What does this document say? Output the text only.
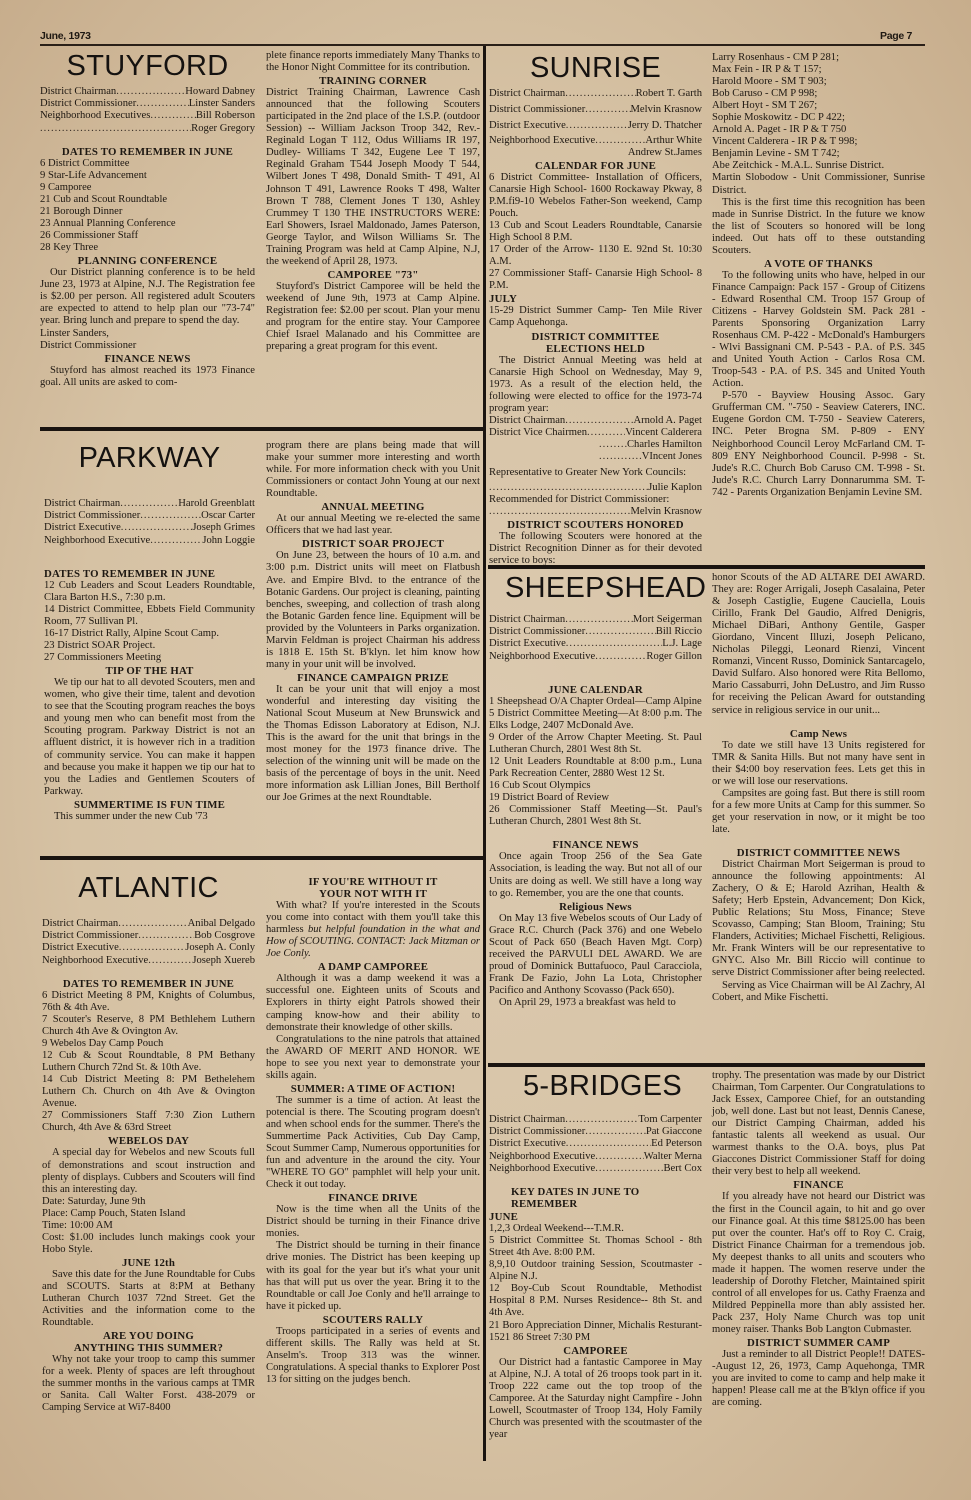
June, 1973	Page 7
STUYFORD
District Chairman .....	Howard Dabney
District Commissioner .....	Linster Sanders
Neighborhood Executives .....	Bill Roberson
.....
Roger Gregory
DATES TO REMEMBER IN JUNE
6 District Committee
9 Star-Life Advancement
9 Camporee
21 Cub and Scout Roundtable
21 Borough Dinner
23 Annual Planning Conference
26 Commissioner Staff
28 Key Three
PLANNING CONFERENCE
Our District planning conference is to be held June 23, 1973 at Alpine, N.J. The Registration fee is $2.00 per person. All registered adult Scouters are expected to attend to help plan our "73-74" year. Bring lunch and prepare to spend the day.
Linster Sanders,
District Commissioner
FINANCE NEWS
Stuyford has almost reached its 1973 Finance goal. All units are asked to com-
plete finance reports immediately Many Thanks to the Honor Night Committee for its contribution.
TRAINING CORNER
District Training Chairman, Lawrence Cash announced that the following Scouters participated in the 2nd place of the I.S.P. (outdoor Session) -- William Jackson Troop 342, Rev.- Reginald Logan T 112, Odus Williams IR 197, Dudley- Williams T 342, Eugene Lee T 197, Reginald Graham T544 Joseph Moody T 544, Wilbert Jones T 498, Donald Smith- T 491, Al Johnson T 491, Lawrence Rooks T 498, Walter Brown T 788, Clement Jones T 130, Ashley Crummey T 130 THE INSTRUCTORS WERE: Earl Showers, Israel Maldonado, James Paterson, George Taylor, and Wilson Williams Sr. The Training Program was held at Camp Alpine, N.J, the weekend of April 28, 1973.
CAMPOREE "73"
Stuyford's District Camporee will be held the weekend of June 9th, 1973 at Camp Alpine. Registration fee: $2.00 per scout. Plan your menu and program for the entire stay. Your Camporee Chief Israel Malanado and his Committee are preparing a great program for this event.
PARKWAY
District Chairman .....	Harold Greenblatt
District Commissioner .....	Oscar Carter
District Executive .....	Joseph Grimes
Neighborhood Executive .....	John Loggie
DATES TO REMEMBER IN JUNE
12 Cub Leaders and Scout Leaders Roundtable, Clara Barton H.S., 7:30 p.m.
14 District Committee, Ebbets Field Community Room, 77 Sullivan Pl.
16-17 District Rally, Alpine Scout Camp.
23 District SOAR Project.
27 Commissioners Meeting
TIP OF THE HAT
We tip our hat to all devoted Scouters, men and women, who give their time, talent and devotion to see that the Scouting program reaches the boys and young men who can benefit most from the Scouting program. Parkway District is not an affluent district, it is however rich in a tradition of community service. You can make it happen and because you make it happen we tip our hat to you the Ladies and Gentlemen Scouters of Parkway.
SUMMERTIME IS FUN TIME
This summer under the new Cub '73
program there are plans being made that will make your summer more interesting and worth while. For more information check with you Unit Commissioners or contact John Young at our next Roundtable.
ANNUAL MEETING
At our annual Meeting we re-elected the same Officers that we had last year.
DISTRICT SOAR PROJECT
On June 23, between the hours of 10 a.m. and 3:00 p.m. District units will meet on Flatbush Ave. and Empire Blvd. to the entrance of the Botanic Gardens. Our project is cleaning, painting benches, sweeping, and collection of trash along the Botanic Garden fence line. Equipment will be provided by the Volunteers in Parks organization. Marvin Feldman is project Chairman his address is 1818 E. 15th St. B'klyn. let him know how many in your unit will be involved.
FINANCE CAMPAIGN PRIZE
It can be your unit that will enjoy a most wonderful and interesting day visiting the National Scout Museum at New Brunswick and the Thomas Edisson Laboratory at Edison, N.J. This is the award for the unit that brings in the most money for the 1973 finance drive. The selection of the winning unit will be made on the basis of the percentage of boys in the unit. Need more information ask Lillian Jones, Bill Bertholf our Joe Grimes at the next Roundtable.
ATLANTIC
District Chairman .....	Anibal Delgado
District Commissioner .....	Bob Cosgrove
District Executive .....	Joseph A. Conly
Neighborhood Executive .....	Joseph Xuereb
DATES TO REMEMBER IN JUNE
6 District Meeting 8 PM, Knights of Columbus, 76th & 4th Ave.
7 Scouter's Reserve, 8 PM Bethlehem Luthern Church 4th Ave & Ovington Av.
9 Webelos Day Camp Pouch
12 Cub & Scout Roundtable, 8 PM Bethany Luthern Church 72nd St. & 10th Ave.
14 Cub District Meeting 8: PM Bethelehem Luthern Ch. Church on 4th Ave & Ovington Avenue.
27 Commissioners Staff 7:30 Zion Luthern Church, 4th Ave & 63rd Street
WEBELOS DAY
A special day for Webelos and new Scouts full of demonstrations and scout instruction and plenty of displays. Cubbers and Scouters will find this an interesting day.
Date: Saturday, June 9th
Place: Camp Pouch, Staten Island
Time: 10:00 AM
Cost: $1.00 includes lunch makings cook your Hobo Style.
JUNE 12th
Save this date for the June Roundtable for Cubs and SCOUTS. Starts at 8:PM at Bethany Lutheran Church 1037 72nd Street. Get the Activities and the information come to the Roundtable.
ARE YOU DOING
ANYTHING THIS SUMMER?
Why not take your troop to camp this summer for a week. Plenty of spaces are left throughout the summer months in the various camps at TMR or Sanita. Call Walter Forst. 438-2079 or Camping Service at Wi7-8400
IF YOU'RE WITHOUT IT
YOUR NOT WITH IT
With what? If you're interested in the Scouts you come into contact with them you'll take this harmless but helpful foundation in the what and How of SCOUTING. CONTACT: Jack Mitzman or Joe Conly.
A DAMP CAMPOREE
Although it was a damp weekend it was a successful one. Eighteen units of Scouts and Explorers in thirty eight Patrols showed their camping know-how and their ability to demonstrate their knowledge of other skills.
Congratulations to the nine patrols that attained the AWARD OF MERIT AND HONOR. WE hope to see you next year to demonstrate your skills again.
SUMMER: A TIME OF ACTION!
The summer is a time of action. At least the potencial is there. The Scouting program doesn't and when school ends for the summer. There's the Summertime Pack Activities, Cub Day Camp, Scout Summer Camp, Numerous opportunities for fun and adventure in the around the city. Your "WHERE TO GO" pamphlet will help your unit. Check it out today.
FINANCE DRIVE
Now is the time when all the Units of the District should be turning in their Finance drive monies.
The District should be turning in their finance drive monies. The District has been keeping up with its goal for the year but it's what your unit has that will put us over the year. Bring it to the Roundtable or call Joe Conly and he'll arrainge to have it picked up.
SCOUTERS RALLY
Troops participated in a series of events and different skills. The Rally was held at St. Anselm's. Troop 313 was the winner. Congratulations. A special thanks to Explorer Post 13 for sitting on the judges bench.
SUNRISE
District Chairman .....	Robert T. Garth
District Commissioner .....	Melvin Krasnow
District Executive .....	Jerry D. Thatcher
Neighborhood Executive .....	Arthur White
Andrew St.James
CALENDAR FOR JUNE
6 District Committee- Installation of Officers, Canarsie High School- 1600 Rockaway Pkway, 8 P.M.fi9-10 Webelos Father-Son weekend, Camp Pouch.
13 Cub and Scout Leaders Roundtable, Canarsie High School 8 P.M.
17 Order of the Arrow- 1130 E. 92nd St. 10:30 A.M.
27 Commissioner Staff- Canarsie High School- 8 P.M.
JULY
15-29 District Summer Camp- Ten Mile River Camp Aquehonga.
DISTRICT COMMITTEE
ELECTIONS HELD
The District Annual Meeting was held at Canarsie High School on Wednesday, May 9, 1973. As a result of the election held, the following were elected to office for the 1973-74 program year:
District Chairman .....	Arnold A. Paget
District Vice Chairmen .....	Vincent Calderera
.....
Charles Hamilton
.....
VIncent Jones
Representative to Greater New York Councils:
.....
Julie Kaplon
Recommended for District Commissioner:
.....
Melvin Krasnow
DISTRICT SCOUTERS HONORED
The following Scouters were honored at the District Recognition Dinner as for their devoted service to boys:
Larry Rosenhaus - CM P 281;
Max Fein - IR P & T 157;
Harold Moore - SM T 903;
Bob Caruso - CM P 998;
Albert Hoyt - SM T 267;
Sophie Moskowitz - DC P 422;
Arnold A. Paget - IR P & T 750
Vincent Calderera - IR P & T 998;
Benjamin Levine - SM T 742;
Abe Zeitchick - M.A.L. Sunrise District.
Martin Slobodow - Unit Commissioner, Sunrise District.
This is the first time this recognition has been made in Sunrise District. In the future we know the list of Scouters so honored will be long indeed. Out hats off to these outstanding Scouters.
A VOTE OF THANKS
To the following units who have, helped in our Finance Campaign: Pack 157 - Group of Citizens - Edward Rosenthal CM. Troop 157 Group of Citizens - Harvey Goldstein SM. Pack 281 - Parents Sponsoring Organization Larry Rosenhaus CM. P-422 - McDonald's Hamburgers - Wlvi Bassignani CM. P-543 - P.A. of P.S. 345 and United Youth Action - Carlos Rosa CM. Troop-543 - P.A. of P.S. 345 and United Youth Action.
P-570 - Bayview Housing Assoc. Gary Grufferman CM. "-750 - Seaview Caterers, INC. Eugene Gordon CM. T-750 - Seaview Caterers, INC. Peter Brogna SM. P-809 - ENY Neighborhood Council Leroy McFarland CM. T-809 ENY Neighborhood Council. P-998 - St. Jude's R.C. Church Bob Caruso CM. T-998 - St. Jude's R.C. Church Larry Donnarumma SM. T-742 - Parents Organization Benjamin Levine SM.
SHEEPSHEAD
District Chairman .....	Mort Seigerman
District Commissioner .....	Bill Riccio
District Executive .....	L.J. Lage
Neighborhood Executive .....	Roger Gillon
JUNE CALENDAR
1 Sheepshead O/A Chapter Ordeal—Camp Alpine
5 District Committee Meeting—At 8:00 p.m. The Elks Lodge, 2407 McDonald Ave.
9 Order of the Arrow Chapter Meeting. St. Paul Lutheran Church, 2801 West 8th St.
12 Unit Leaders Roundtable at 8:00 p.m., Luna Park Recreation Center, 2880 West 12 St.
16 Cub Scout Olympics
19 District Board of Review
26 Commissioner Staff Meeting—St. Paul's Lutheran Church, 2801 West 8th St.
FINANCE NEWS
Once again Troop 256 of the Sea Gate Association, is leading the way. But not all of our Units are doing as well. We still have a long way to go. Remember, you are the one that counts.
Religious News
On May 13 five Webelos scouts of Our Lady of Grace R.C. Church (Pack 376) and one Webelo Scout of Pack 650 (Beach Haven Mgt. Corp) received the PARVULI DEL AWARD. We are proud of Dominick Buttafuoco, Paul Caracciola, Frank De Fazio, John La Lota, Christopher Pacifico and Anthony Scovasso (Pack 650).
On April 29, 1973 a breakfast was held to
honor Scouts of the AD ALTARE DEI AWARD. They are: Roger Arrigali, Joseph Casalaina, Peter & Joseph Castiglie, Eugene Cauciella, Louis Cirillo, Frank Del Gaudio, Alfred Denigris, Michael DiBari, Anthony Gentile, Gasper Giordano, Vincent Illuzi, Joseph Pelicano, Nicholas Pileggi, Leonard Rienzi, Vincent Romanzi, Vincent Russo, Dominick Santarcagelo, David Sulfaro. Also honored were Rita Bellomo, Mario Cassaburri, John DeLustro, and Jim Russo for receiving the Pelican Award for outstanding service in religious service in our unit...
Camp News
To date we still have 13 Units registered for TMR & Sanita Hills. But not many have sent in their $4:00 boy reservation fees. Lets get this in or we will lose our reservations.
Campsites are going fast. But there is still room for a few more Units at Camp for this summer. So get your reservation in now, or it might be too late.
DISTRICT COMMITTEE NEWS
District Chairman Mort Seigerman is proud to announce the following appointments: Al Zachery, O & E; Harold Azrihan, Health & Safety; Herb Epstein, Advancement; Don Kick, Public Relations; Stu Moss, Finance; Steve Scovasso, Camping; Stan Bloom, Training; Stu Flanders, Activities; Michael Fischetti, Religious. Mr. Frank Winters will be our representative to GNYC. Also Mr. Bill Riccio will continue to serve District Commissioner after being reelected.
Serving as Vice Chairman will be Al Zachry, Al Cobert, and Mike Fischetti.
5-BRIDGES
District Chairman .....	Tom Carpenter
District Commissioner .....	Pat Giaccone
District Executive .....	Ed Peterson
Neighborhood Executive .....	Walter Merna
Neighborhood Executive .....	Bert Cox
KEY DATES IN JUNE TO REMEMBER
JUNE
1,2,3 Ordeal Weekend---T.M.R.
5 District Committee St. Thomas School - 8th Street 4th Ave. 8:00 P.M.
8,9,10 Outdoor training Session, Scoutmaster - Alpine N.J.
12 Boy-Cub Scout Roundtable, Methodist Hospital 8 P.M. Nurses Residence-- 8th St. and 4th Ave.
21 Boro Appreciation Dinner, Michalis Resturant- 1521 86 Street 7:30 PM
CAMPOREE
Our District had a fantastic Camporee in May at Alpine, N.J. A total of 26 troops took part in it. Troop 222 came out the top troop of the Camporee. At the Saturday night Campfire - John Lowell, Scoutmaster of Troop 134, Holy Family Church was presented with the scoutmaster of the year
trophy. The presentation was made by our District Chairman, Tom Carpenter. Our Congratulations to Jack Essex, Camporee Chief, for an outstanding job, well done. Last but not least, Dennis Canese, our District Camping Chairman, added his fantastic talents all weekend as usual. Our warmest thanks to the O.A. boys, plus Pat Giaccones District Commissioner Staff for doing their very best to help all weekend.
FINANCE
If you already have not heard our District was the first in the Council again, to hit and go over our Finance goal. At this time $8125.00 has been put over the counter. Hat's off to Roy C. Craig, District Finance Chairman for a tremendous job. My deepest thanks to all units and scouters who made it happen. The women reserve under the leadership of Dorothy Fletcher, Maintained spirit control of all envelopes for us. Cathy Fraenza and Mildred Peppinella more than ably assisted her. Pack 237, Holy Name Church was top unit money raiser. Thanks Bob Langton Cubmaster.
DISTRICT SUMMER CAMP
Just a reminder to all District People!! DATES--August 12, 26, 1973, Camp Aquehonga, TMR you are invited to come to camp and help make it happen! Please call me at the B'klyn office if you are coming.
